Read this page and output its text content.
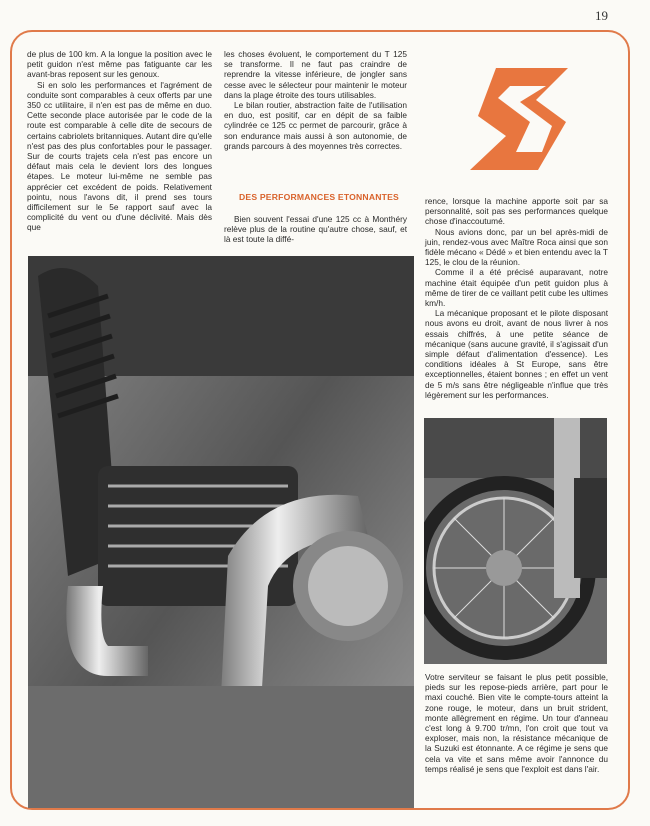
19

de plus de 100 km. A la longue la position avec le petit guidon n'est même pas fatiguante car les avant-bras reposent sur les genoux.

Si en solo les performances et l'agrément de conduite sont comparables à ceux offerts par une 350 cc utilitaire, il n'en est pas de même en duo. Cette seconde place autorisée par le code de la route est comparable à celle dite de secours de certains cabriolets britanniques. Autant dire qu'elle n'est pas des plus confortables pour le passager. Sur de courts trajets cela n'est pas encore un défaut mais cela le devient lors des longues étapes. Le moteur lui-même ne semble pas apprécier cet excédent de poids. Relativement pointu, nous l'avons dit, il prend ses tours difficilement sur le 5e rapport sauf avec la complicité du vent ou d'une déclivité. Mais dès que

les choses évoluent, le comportement du T 125 se transforme. Il ne faut pas craindre de reprendre la vitesse inférieure, de jongler sans cesse avec le sélecteur pour maintenir le moteur dans la plage étroite des tours utilisables.

Le bilan routier, abstraction faite de l'utilisation en duo, est positif, car en dépit de sa faible cylindrée ce 125 cc permet de parcourir, grâce à son endurance mais aussi à son autonomie, de grands parcours à des moyennes très correctes.

DES PERFORMANCES ETONNANTES

Bien souvent l'essai d'une 125 cc à Monthéry relève plus de la routine qu'autre chose, sauf, et là est toute la diffé-

rence, lorsque la machine apporte soit par sa personnalité, soit pas ses performances quelque chose d'inaccoutumé.

Nous avions donc, par un bel après-midi de juin, rendez-vous avec Maître Roca ainsi que son fidèle mécano « Dédé » et bien entendu avec la T 125, le clou de la réunion.

Comme il a été précisé auparavant, notre machine était équipée d'un petit guidon plus à même de tirer de ce vaillant petit cube les ultimes km/h.

La mécanique proposant et le pilote disposant nous avons eu droit, avant de nous livrer à nos essais chiffrés, à une petite séance de mécanique (sans aucune gravité, il s'agissait d'un simple défaut d'alimentation d'essence). Les conditions idéales à St Europe, sans être exceptionnelles, étaient bonnes ; en effet un vent de 5 m/s sans être négligeable n'influe que très légèrement sur les performances.

Votre serviteur se faisant le plus petit possible, pieds sur les repose-pieds arrière, part pour le maxi couché. Bien vite le compte-tours atteint la zone rouge, le moteur, dans un bruit strident, monte allègrement en régime. Un tour d'anneau c'est long à 9.700 tr/mn, l'on croit que tout va exploser, mais non, la résistance mécanique de la Suzuki est étonnante. A ce régime je sens que cela va vite et sans même avoir l'annonce du temps réalisé je sens que l'exploit est dans l'air.
